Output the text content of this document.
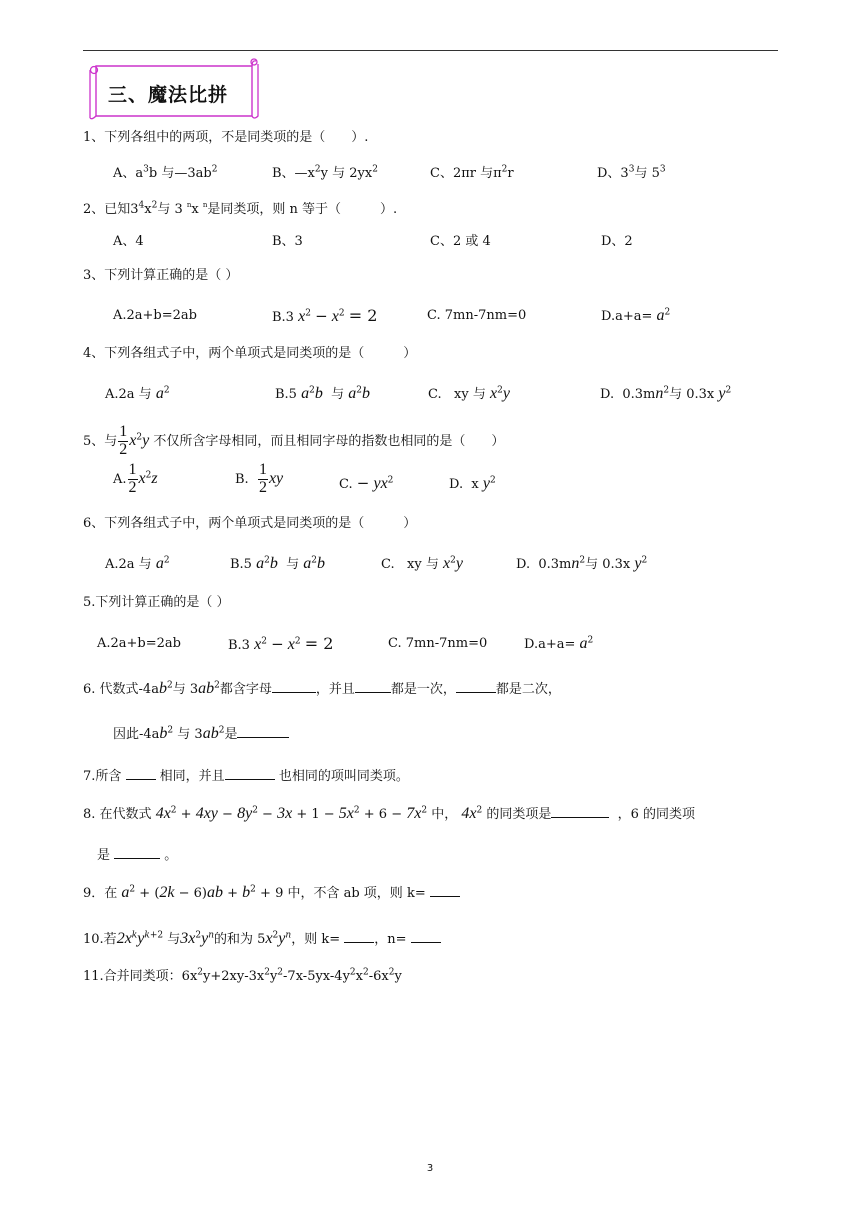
三、魔法比拼
1、下列各组中的两项，不是同类项的是（　　）.
A、$a^3b$ 与$—3ab^2$	B、$—x^2y$ 与 $2yx^2$	C、2πr 与$\pi^2r$	D、$3^3$与 $5^3$
2、已知$3^4x^2$与 3 $^n$x $^n$是同类项，则 n 等于（　　　）.
A、4	B、3	C、2 或 4	D、2
3、下列计算正确的是（ ）
A.2a+b=2ab	B.3 $x^2 - x^2 = 2$	C. 7mn-7nm=0	$D.a+a= a^2$
4、下列各组式子中，两个单项式是同类项的是（　　　）
A.2a 与 $a^2$	B.5 $a^2b$  与 $a^2b$	C.   xy 与 $x^2y$	D.  $0.3mn^2$与 0.3x $y^2$
5、与 $\frac{1}{2} x^2y$ 不仅所含字母相同，而且相同字母的指数也相同的是（　　）
A. $\frac{1}{2} x^2z$	B. $\frac{1}{2}$ xy	C. − $yx^2$	D.  x $y^2$
6、下列各组式子中，两个单项式是同类项的是（　　　）
A.2a 与 $a^2$	B.5 $a^2b$  与 $a^2b$	C.   xy 与 $x^2y$	D.  $0.3mn^2$与 0.3x $y^2$
5.下列计算正确的是（ ）
A.2a+b=2ab	B.3 $x^2 - x^2 = 2$	C. 7mn-7nm=0	$D.a+a= a^2$
6. 代数式$-4ab^2$与 $3ab^2$都含字母	，并且	都是一次，	都是二次，
因此$-4ab^2$ 与 $3ab^2$是
7.所含  相同，并且	也相同的项叫同类项。
8. 在代数式 $4x^2 + 4xy - 8y^2 - 3x + 1 - 5x^2 + 6 - 7x^2$ 中， $4x^2$ 的同类项是	，6 的同类项
是	。
9．在 $a^2 + (2k - 6)ab + b^2 + 9$ 中，不含 ab 项，则 k=
10.若$2x^ky^{k+2}$ 与$3x^2y^n$的和为 $5x^2y^n$，则 k= ，n=
11.合并同类项：$6x^2y+2xy-3x^2y^2-7x-5yx-4y^2x^2-6x^2y$
3
